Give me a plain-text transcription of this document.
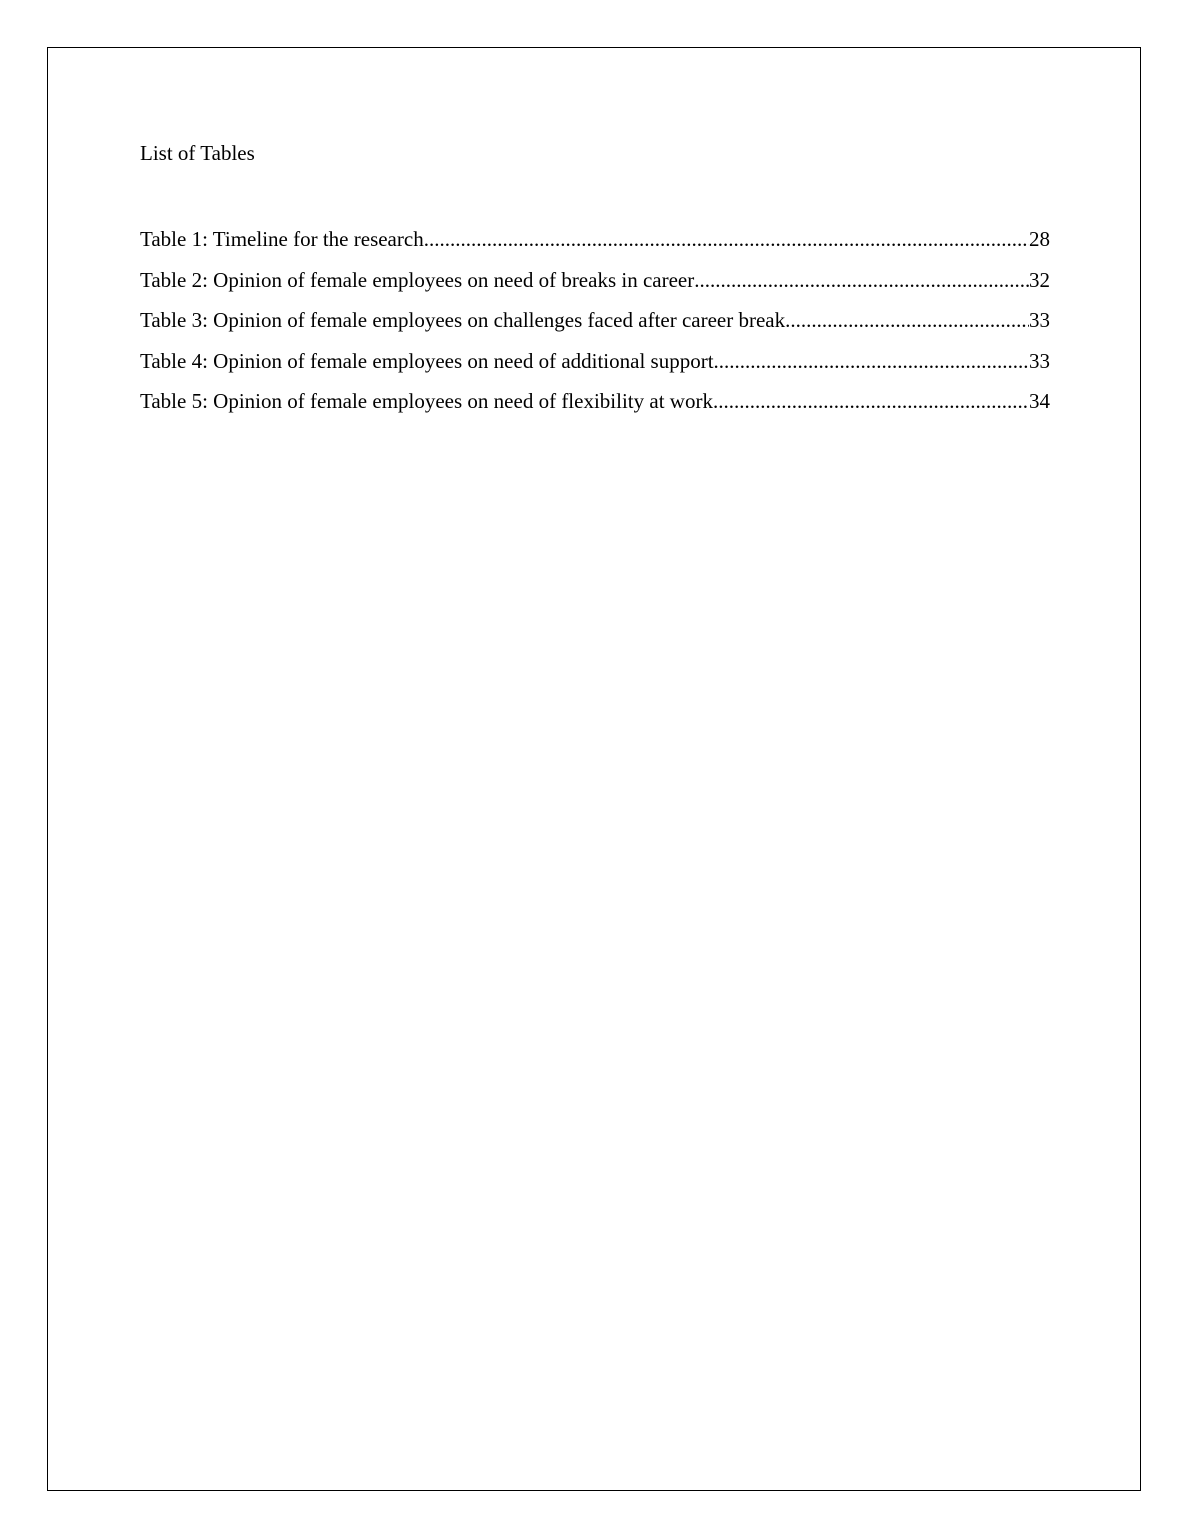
List of Tables
Table 1: Timeline for the research .....	28
Table 2: Opinion of female employees on need of breaks in career .....	32
Table 3: Opinion of female employees on challenges faced after career break .....	33
Table 4: Opinion of female employees on need of additional support .....	33
Table 5: Opinion of female employees on need of flexibility at work .....	34
